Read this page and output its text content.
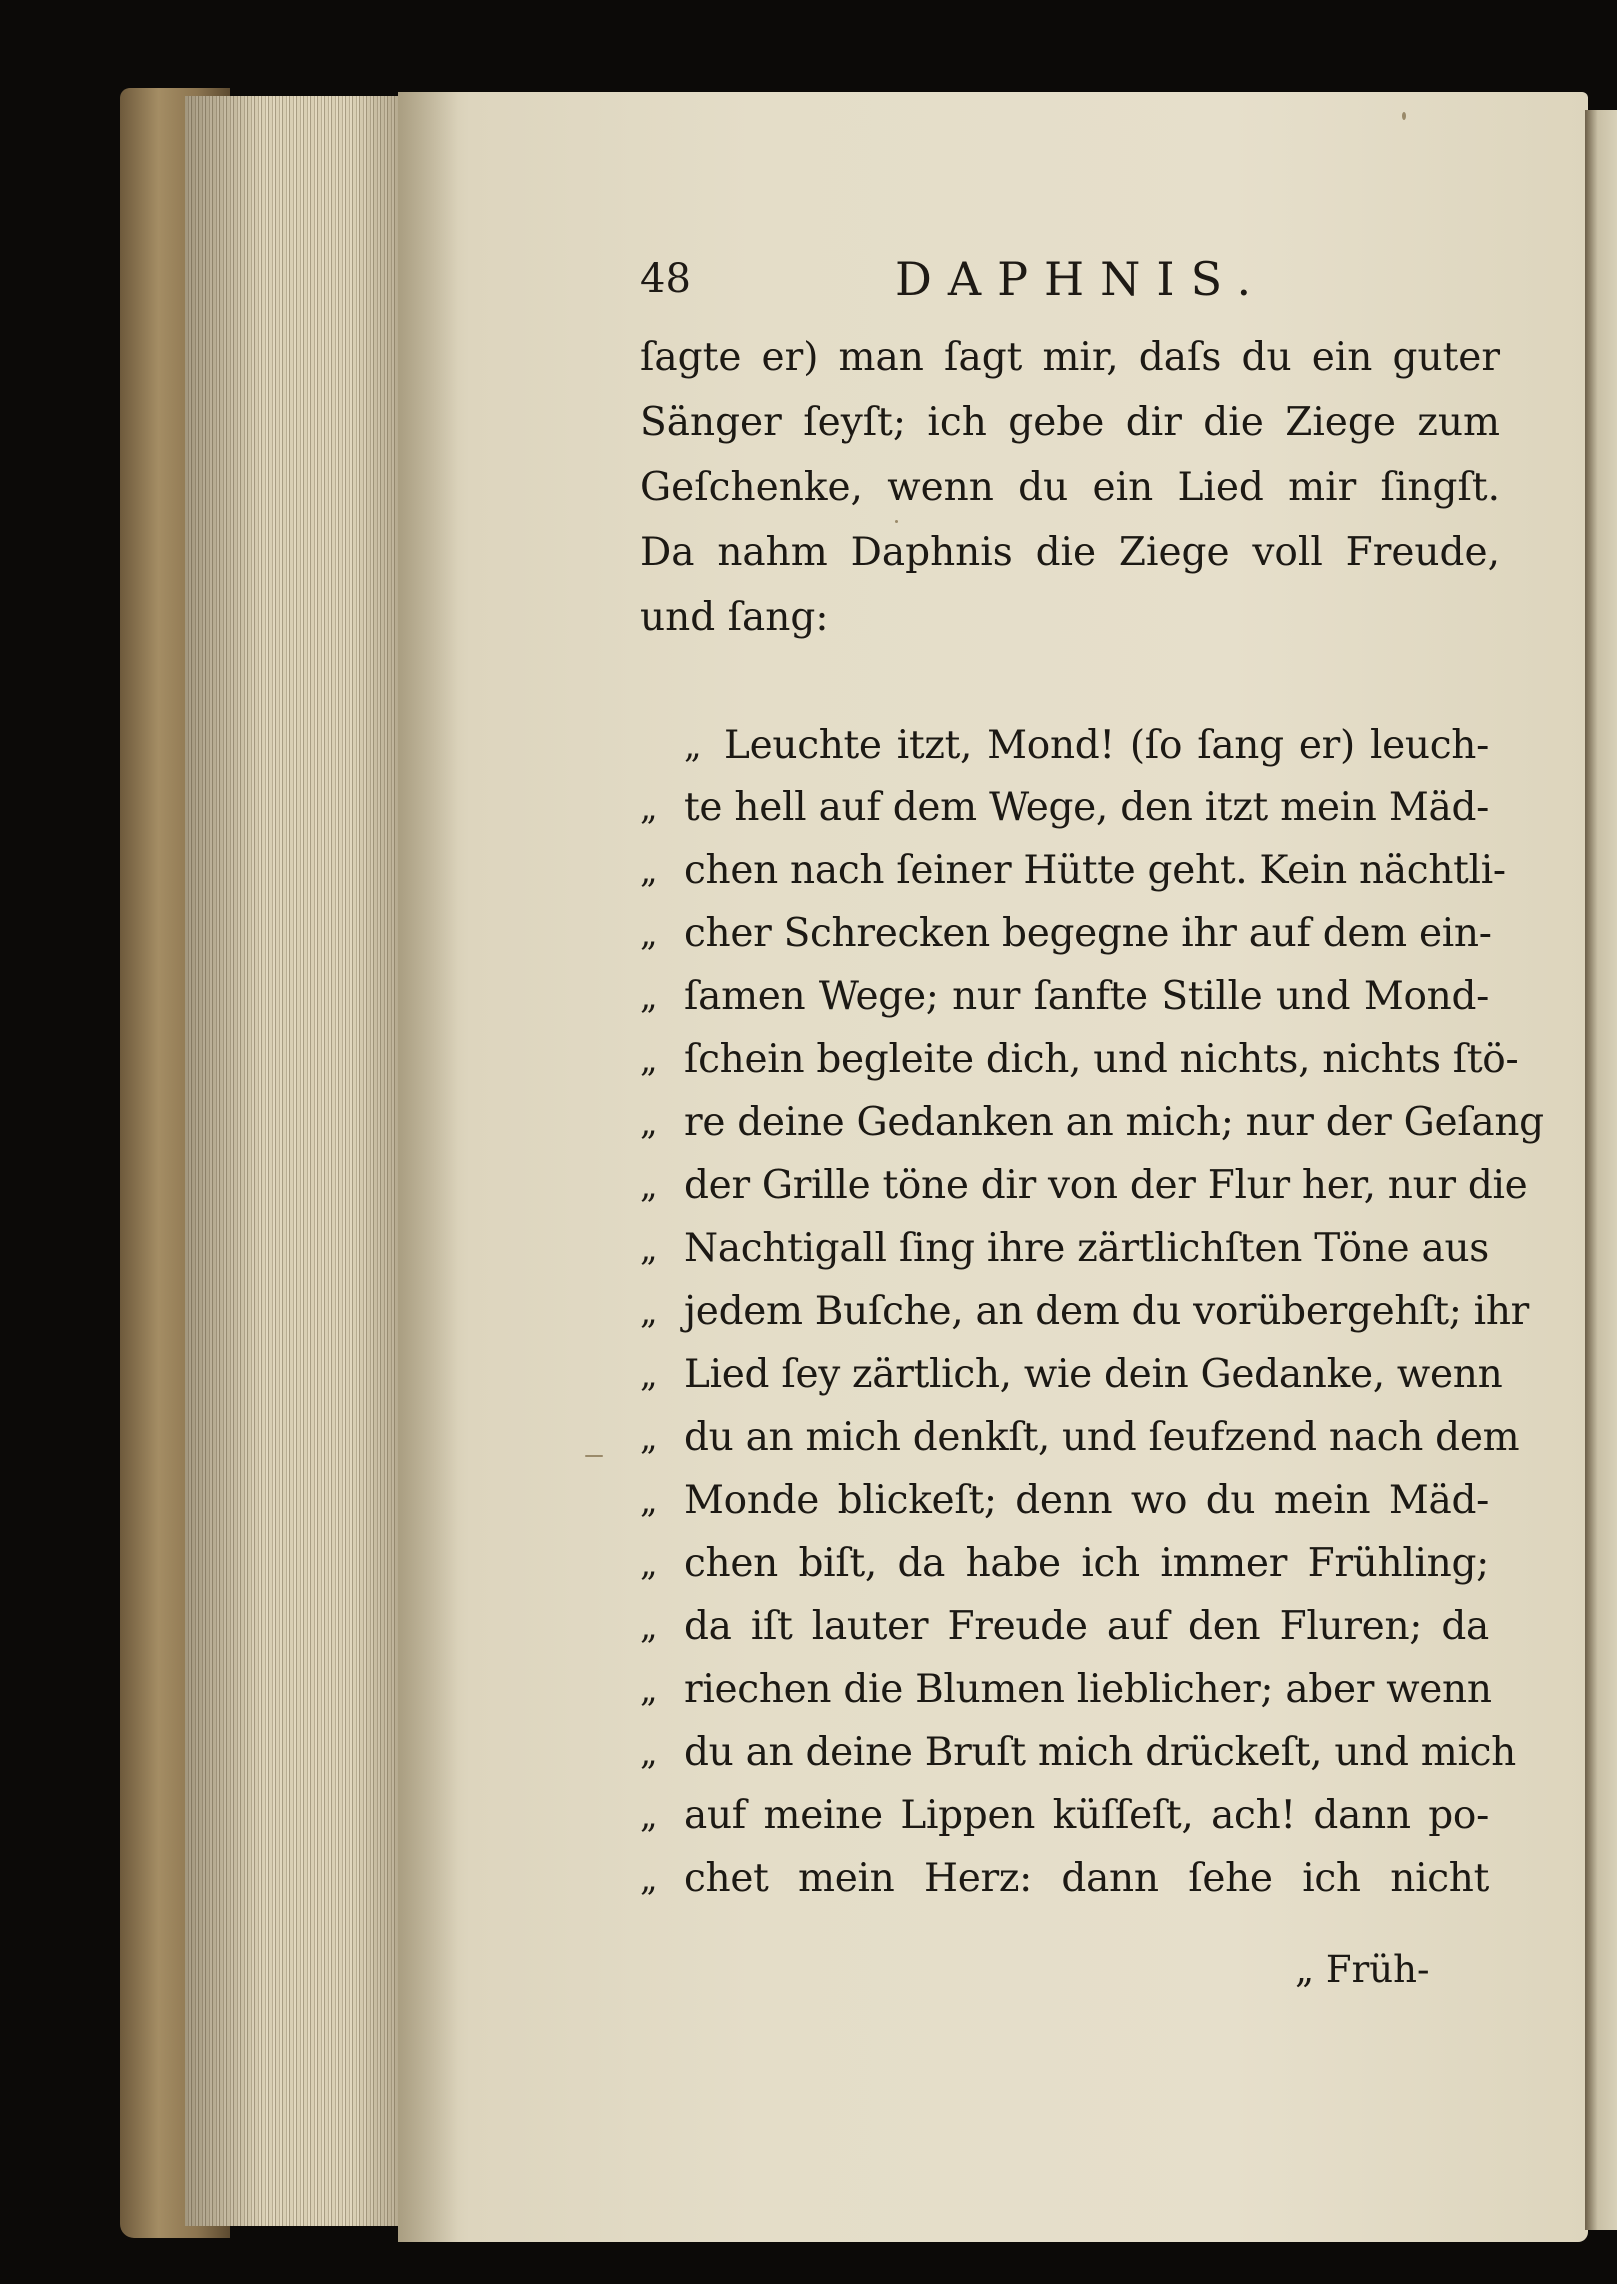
48	DAPHNIS.
ſagte er) man ſagt mir, daſs du ein guter
Sänger ſeyſt; ich gebe dir die Ziege zum
Geſchenke, wenn du ein Lied mir ſingſt.
Da nahm Daphnis die Ziege voll Freude,
und ſang:
„ Leuchte itzt, Mond! (ſo ſang er) leuch-
„ te hell auf dem Wege, den itzt mein Mäd-
„ chen nach ſeiner Hütte geht. Kein nächtli-
„ cher Schrecken begegne ihr auf dem ein-
„ ſamen Wege; nur ſanfte Stille und Mond-
„ ſchein begleite dich, und nichts, nichts ſtö-
„ re deine Gedanken an mich; nur der Geſang
„ der Grille töne dir von der Flur her, nur die
„ Nachtigall ſing ihre zärtlichſten Töne aus
„ jedem Buſche, an dem du vorübergehſt; ihr
„ Lied ſey zärtlich, wie dein Gedanke, wenn
„ du an mich denkſt, und ſeufzend nach dem
„ Monde blickeſt; denn wo du mein Mäd-
„ chen biſt, da habe ich immer Frühling;
„ da iſt lauter Freude auf den Fluren; da
„ riechen die Blumen lieblicher; aber wenn
„ du an deine Bruſt mich drückeſt, und mich
„ auf meine Lippen küſſeſt, ach! dann po-
„ chet mein Herz: dann ſehe ich nicht
„ Früh-
